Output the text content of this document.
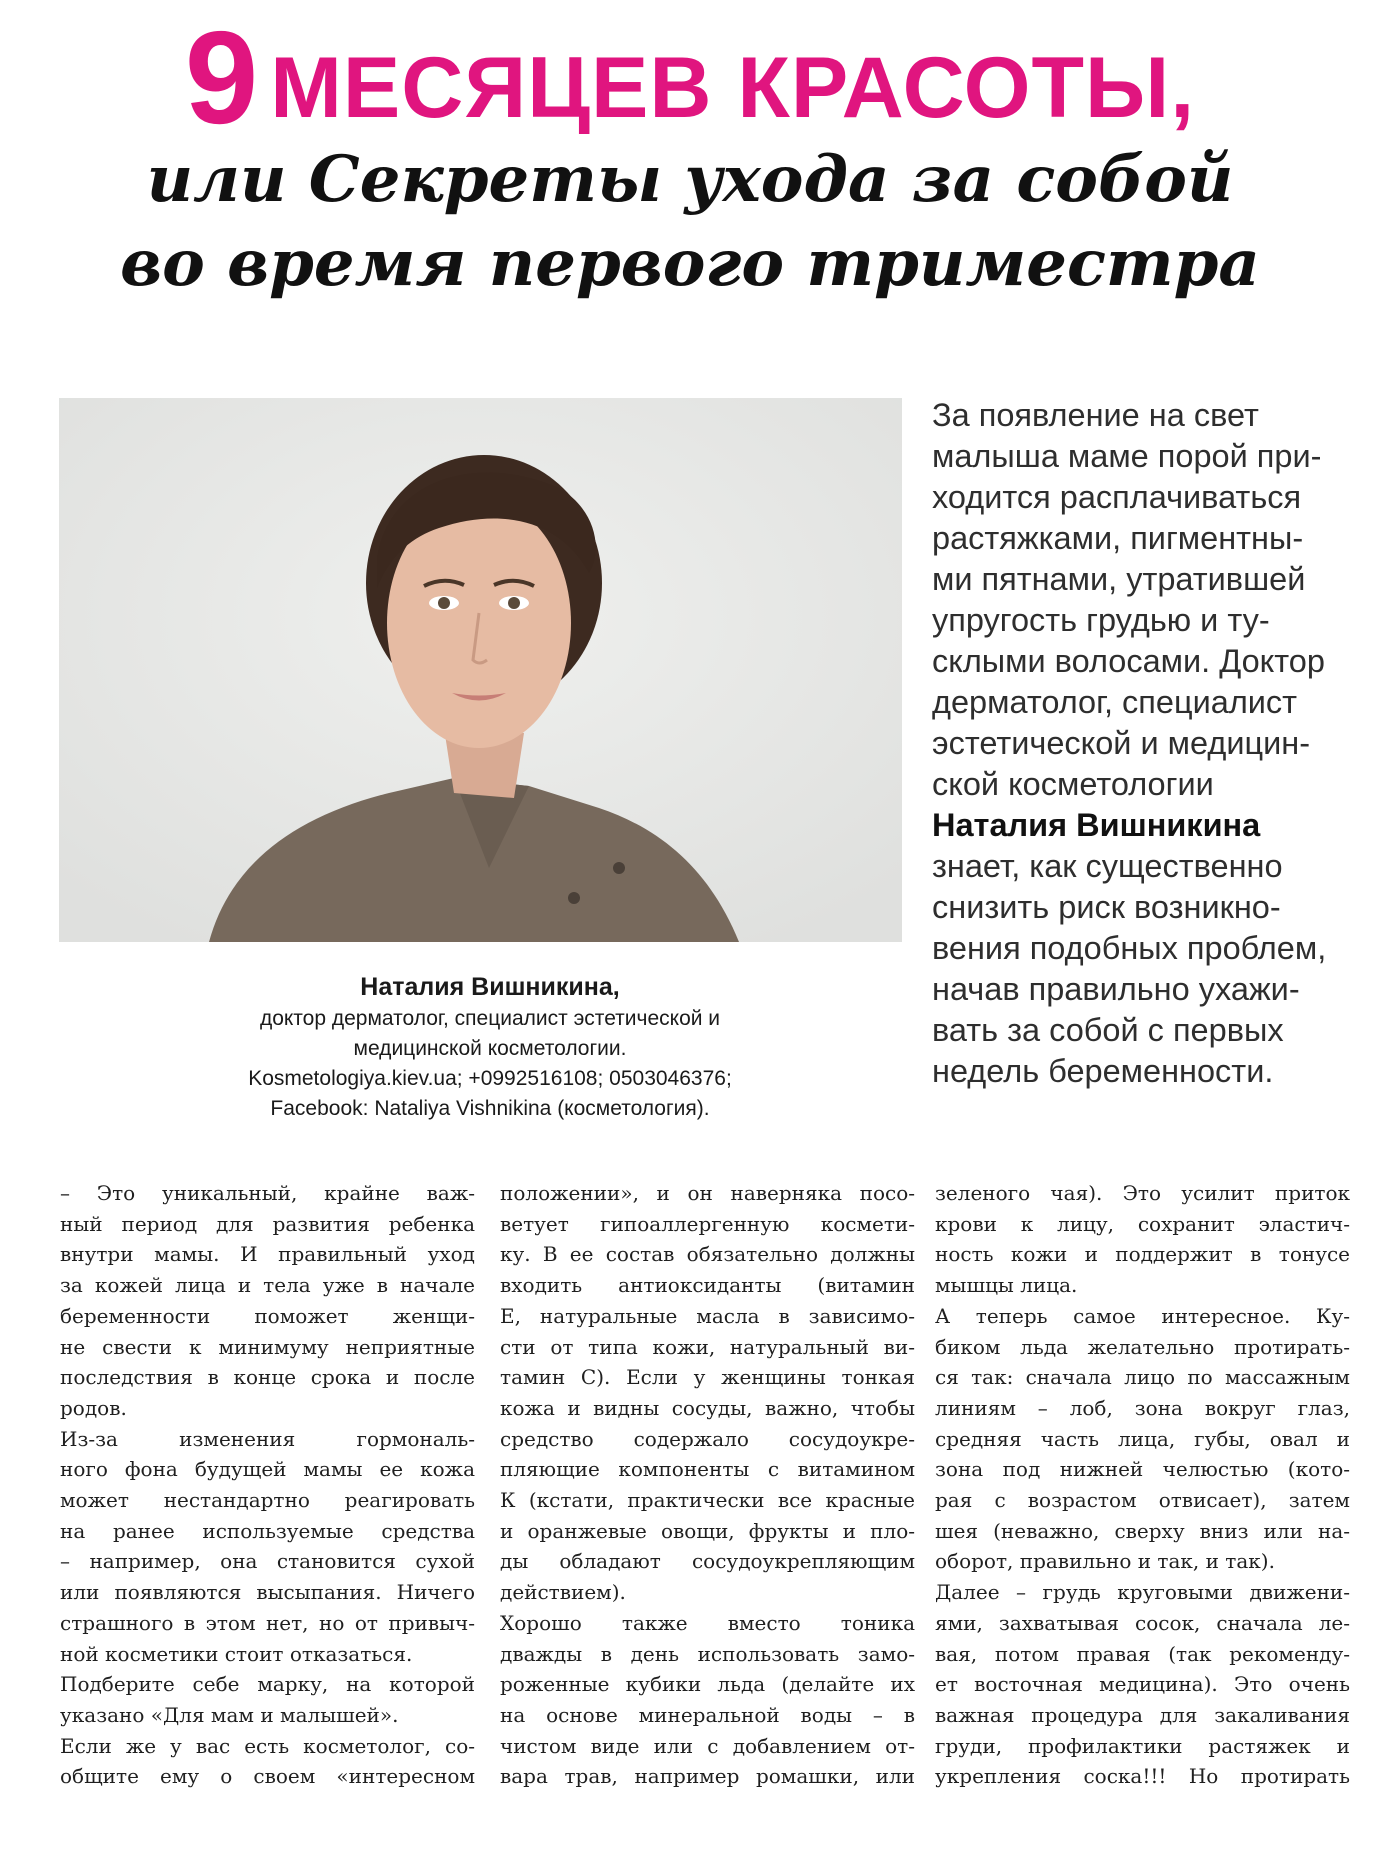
9 МЕСЯЦЕВ КРАСОТЫ,
или Секреты ухода за собой
во время первого триместра
Наталия Вишникина,
доктор дерматолог, специалист эстетической и
медицинской косметологии.
Kosmetologiya.kiev.ua; +0992516108; 0503046376;
Facebook: Nataliya Vishnikina (косметология).
За появление на свет
малыша маме порой при-
ходится расплачиваться
растяжками, пигментны-
ми пятнами, утратившей
упругость грудью и ту-
склыми волосами. Доктор
дерматолог, специалист
эстетической и медицин-
ской косметологии
Наталия Вишникина
знает, как существенно
снизить риск возникно-
вения подобных проблем,
начав правильно ухажи-
вать за собой с первых
недель беременности.
– Это уникальный, крайне важ-
ный период для развития ребенка
внутри мамы. И правильный уход
за кожей лица и тела уже в начале
беременности поможет женщи-
не свести к минимуму неприятные
последствия в конце срока и после
родов.
Из-за изменения гормональ-
ного фона будущей мамы ее кожа
может нестандартно реагировать
на ранее используемые средства
– например, она становится сухой
или появляются высыпания. Ничего
страшного в этом нет, но от привыч-
ной косметики стоит отказаться.
Подберите себе марку, на которой
указано «Для мам и малышей».
Если же у вас есть косметолог, со-
общите ему о своем «интересном
положении», и он наверняка посо-
ветует гипоаллергенную космети-
ку. В ее состав обязательно должны
входить антиоксиданты (витамин
Е, натуральные масла в зависимо-
сти от типа кожи, натуральный ви-
тамин С). Если у женщины тонкая
кожа и видны сосуды, важно, чтобы
средство содержало сосудоукре-
пляющие компоненты с витамином
К (кстати, практически все красные
и оранжевые овощи, фрукты и пло-
ды обладают сосудоукрепляющим
действием).
Хорошо также вместо тоника
дважды в день использовать замо-
роженные кубики льда (делайте их
на основе минеральной воды – в
чистом виде или с добавлением от-
вара трав, например ромашки, или
зеленого чая). Это усилит приток
крови к лицу, сохранит эластич-
ность кожи и поддержит в тонусе
мышцы лица.
А теперь самое интересное. Ку-
биком льда желательно протирать-
ся так: сначала лицо по массажным
линиям – лоб, зона вокруг глаз,
средняя часть лица, губы, овал и
зона под нижней челюстью (кото-
рая с возрастом отвисает), затем
шея (неважно, сверху вниз или на-
оборот, правильно и так, и так).
Далее – грудь круговыми движени-
ями, захватывая сосок, сначала ле-
вая, потом правая (так рекоменду-
ет восточная медицина). Это очень
важная процедура для закаливания
груди, профилактики растяжек и
укрепления соска!!! Но протирать
